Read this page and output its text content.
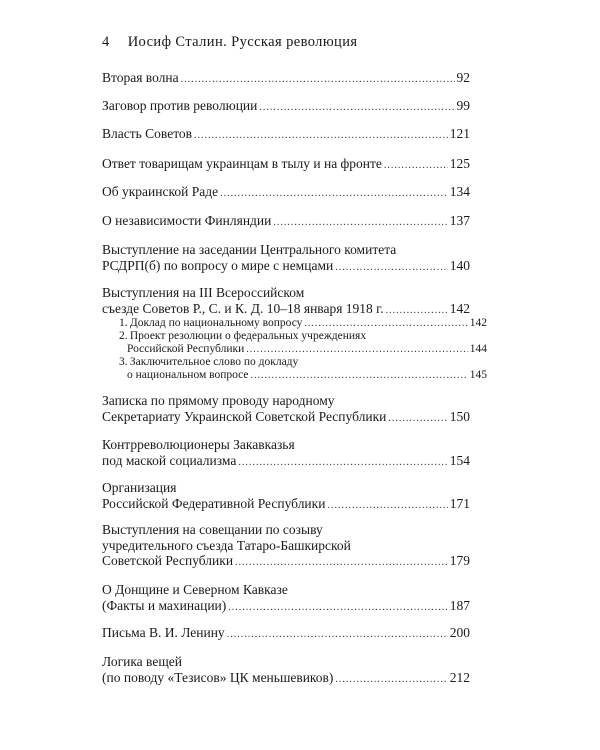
4 Иосиф Сталин. Русская революция
Вторая волна .....	92
Заговор против революции .....	99
Власть Советов .....	121
Ответ товарищам украинцам в тылу и на фронте .....	125
Об украинской Раде .....	134
О независимости Финляндии .....	137
Выступление на заседании Центрального комитета
РСДРП(б) по вопросу о мире с немцами .....	140
Выступления на III Всероссийском
съезде Советов Р., С. и К. Д. 10–18 января 1918 г. .....	142
1. Доклад по национальному вопросу .....	142
2. Проект резолюции о федеральных учреждениях
Российской Республики .....	144
3. Заключительное слово по докладу
о национальном вопросе .....	145
Записка по прямому проводу народному
Секретариату Украинской Советской Республики .....	150
Контрреволюционеры Закавказья
под маской социализма .....	154
Организация
Российской Федеративной Республики .....	171
Выступления на совещании по созыву
учредительного съезда Татаро-Башкирской
Советской Республики .....	179
О Донщине и Северном Кавказе
(Факты и махинации) .....	187
Письма В. И. Ленину .....	200
Логика вещей
(по поводу «Тезисов» ЦК меньшевиков) .....	212
